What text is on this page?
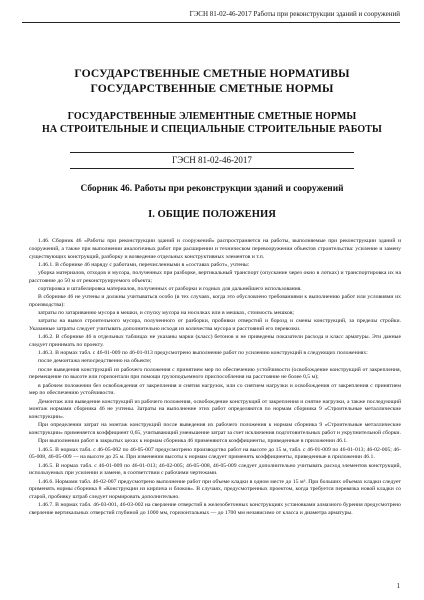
ГЭСН 81-02-46-2017 Работы при реконструкции зданий и сооружений
ГОСУДАРСТВЕННЫЕ СМЕТНЫЕ НОРМАТИВЫ
ГОСУДАРСТВЕННЫЕ СМЕТНЫЕ НОРМЫ
ГОСУДАРСТВЕННЫЕ ЭЛЕМЕНТНЫЕ СМЕТНЫЕ НОРМЫ
НА СТРОИТЕЛЬНЫЕ И СПЕЦИАЛЬНЫЕ СТРОИТЕЛЬНЫЕ РАБОТЫ
ГЭСН 81-02-46-2017
Сборник 46. Работы при реконструкции зданий и сооружений
I. ОБЩИЕ ПОЛОЖЕНИЯ

1.46. Сборник 46 «Работы при реконструкции зданий и сооружений» распространяется на работы, выполняемые при реконструкции зданий и сооружений, а также при выполнении аналогичных работ при расширении и техническом перевооружении объектов строительства: усиление и замену существующих конструкций, разборку и возведение отдельных конструктивных элементов и т.п.

1.46.1. В сборнике 46 наряду с работами, перечисленными в «составах работ», учтены:

уборка материалов, отходов и мусора, полученных при разборке, вертикальный транспорт (опускание через окно в лотках) и транспортировка их на расстояние до 50 м от реконструируемого объекта;

сортировка и штабелировка материалов, полученных от разборки и годных для дальнейшего использования.

В сборнике 46 не учтены и должны учитываться особо (в тех случаях, когда это обусловлено требованиями к выполнению работ или условиями их производства):

затраты по затариванию мусора в мешки, и спуску мусора на носилках или в мешках, стоимость мешков;

затраты на вывоз строительного мусора, полученного от разборки, пробивки отверстий и борозд и смены конструкций, за пределы стройки. Указанные затраты следует учитывать дополнительно исходя из количества мусора и расстояний его перевозки.

1.46.2. В сборнике 46 в отдельных таблицах не указаны марки (класс) бетонов и не приведены показатели расхода и класс арматуры. Эти данные следует принимать по проекту.

1.46.3. В нормах табл. с 46-01-009 по 46-01-013 предусмотрено выполнение работ по усилению конструкций в следующих положениях:

после демонтажа непосредственно на объекте;

после выведения конструкций из рабочего положения с принятием мер по обеспечению устойчивости (освобождение конструкций от закрепления, перемещение по высоте или горизонтали при помощи грузоподъемного приспособления на расстояние не более 0,5 м);

в рабочем положении без освобождения от закрепления и снятия нагрузок, или со снятием нагрузки и освобождения от закрепления с принятием мер по обеспечению устойчивости.

Демонтаж или выведение конструкций из рабочего положения, освобождение конструкций от закрепления и снятие нагрузки, а также последующий монтаж нормами сборника 46 не учтены. Затраты на выполнение этих работ определяются по нормам сборника 9 «Строительные металлические конструкции».

При определении затрат на монтаж конструкций после выведения их рабочего положения к нормам сборника 9 «Строительные металлические конструкции» применяется коэффициент 0,65, учитывающий уменьшение затрат за счет исключения подготовительных работ и укрупнительной сборки.

При выполнении работ в закрытых цехах к нормам сборника 46 применяются коэффициенты, приведенные в приложении 46.1.

1.46.5. В нормах табл. с 46-05-002 по 46-05-007 предусмотрено производство работ на высоте до 15 м, табл. с 46-01-009 по 46-01-013; 46-02-005; 46-05-008, 46-05-009 — на высоте до 25 м. При изменении высоты к нормам следует применять коэффициенты, приведенные в приложении 46.1.

1.46.5. В нормах табл. с 46-01-009 по 46-01-013; 46-02-005; 46-05-008, 46-05-009 следует дополнительно учитывать расход элементов конструкций, используемых при усилении и замене, в соответствии с рабочими чертежами.

1.46.6. Нормами табл. 46-02-007 предусмотрено выполнение работ при объеме кладки в одном месте до 15 м³. При больших объемах кладки следует применять нормы сборника 8 «Конструкции из кирпича и блоков». В случаях, предусмотренных проектом, когда требуется перевязка новой кладки со старой, пробивку штраб следует нормировать дополнительно.

1.46.7. В нормах табл. 46-03-001, 46-03-002 на сверление отверстий в железобетонных конструкциях установками алмазного бурения предусмотрено сверление вертикальных отверстий глубиной до 1000 мм, горизонтальных — до 1700 мм независимо от класса и диаметра арматуры.

1
